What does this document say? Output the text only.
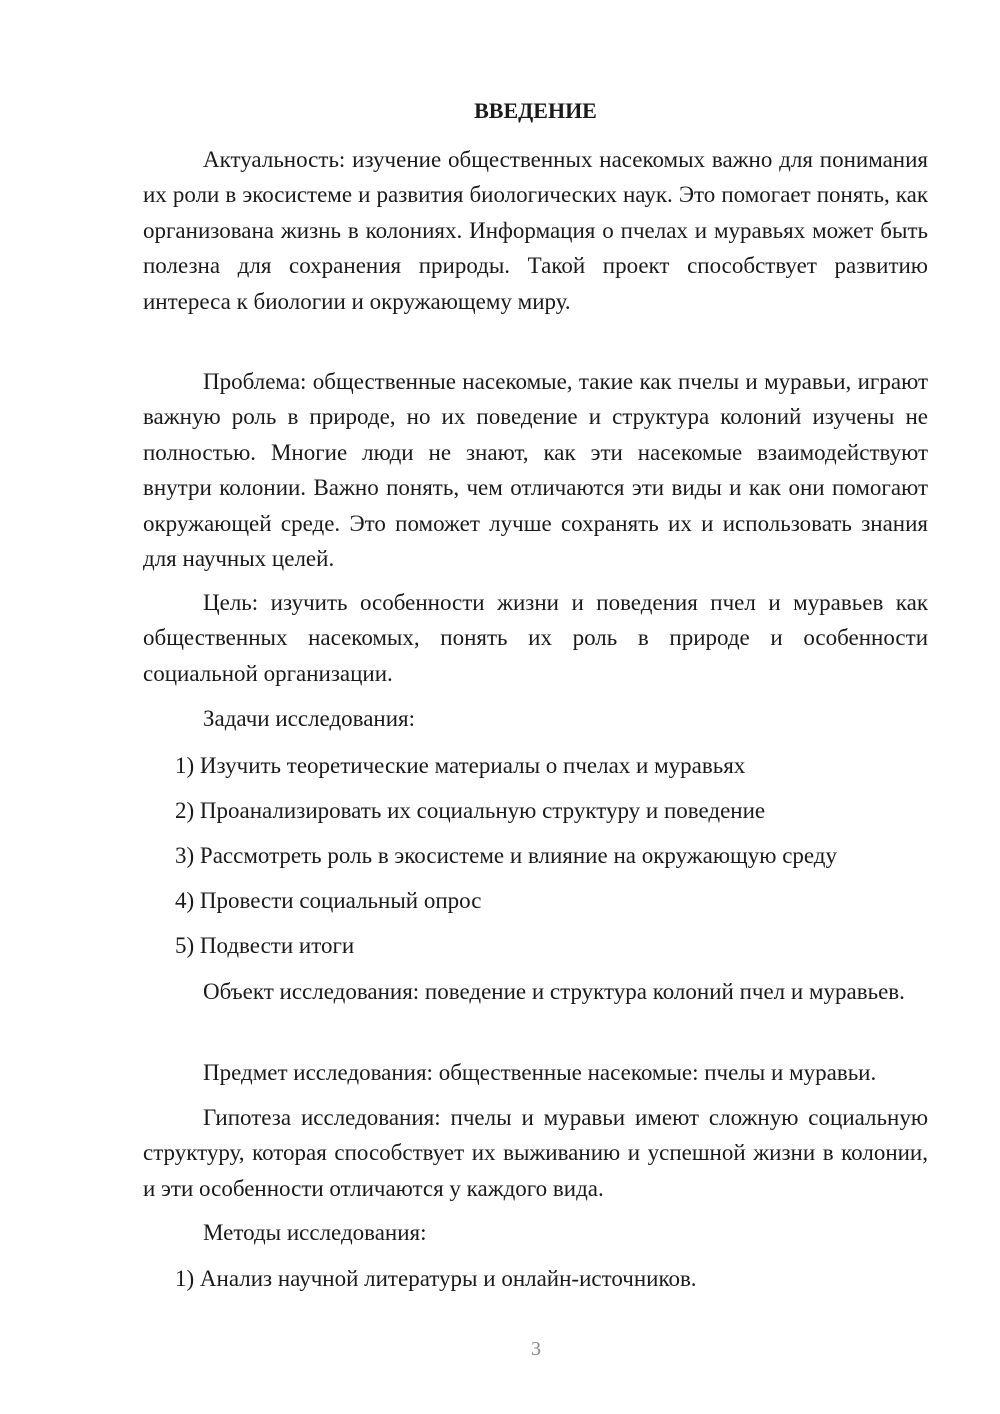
ВВЕДЕНИЕ

Актуальность: изучение общественных насекомых важно для понимания их роли в экосистеме и развития биологических наук. Это помогает понять, как организована жизнь в колониях. Информация о пчелах и муравьях может быть полезна для сохранения природы. Такой проект способствует развитию интереса к биологии и окружающему миру.

Проблема: общественные насекомые, такие как пчелы и муравьи, играют важную роль в природе, но их поведение и структура колоний изучены не полностью. Многие люди не знают, как эти насекомые взаимодействуют внутри колонии. Важно понять, чем отличаются эти виды и как они помогают окружающей среде. Это поможет лучше сохранять их и использовать знания для научных целей.

Цель: изучить особенности жизни и поведения пчел и муравьев как общественных насекомых, понять их роль в природе и особенности социальной организации.

Задачи исследования:

1) Изучить теоретические материалы о пчелах и муравьях

2) Проанализировать их социальную структуру и поведение

3) Рассмотреть роль в экосистеме и влияние на окружающую среду

4) Провести социальный опрос

5) Подвести итоги

Объект исследования: поведение и структура колоний пчел и муравьев.

Предмет исследования: общественные насекомые: пчелы и муравьи.

Гипотеза исследования: пчелы и муравьи имеют сложную социальную структуру, которая способствует их выживанию и успешной жизни в колонии, и эти особенности отличаются у каждого вида.

Методы исследования:

1) Анализ научной литературы и онлайн-источников.

3
